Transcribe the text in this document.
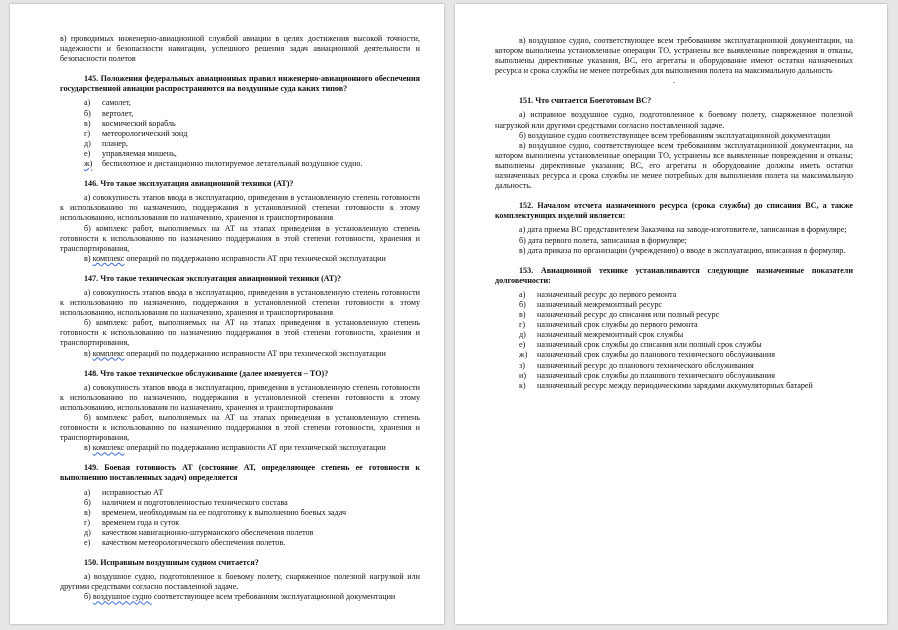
в) проводимых инженерно-авиационной службой авиации в целях достижения высокой точности, надежности и безопасности навигации, успешного решения задач авиационной деятельности и безопасности полетов

145. Положения федеральных авиационных правил инженерно-авиационного обеспечения государственной авиации распространяются на воздушные суда каких типов?

а) самолет,
б) вертолет,
в) космический корабль
г) метеорологический зонд
д) планер,
е) управляемая мишень,
ж) беспилотное и дистанционно пилотируемое летательный воздушное судно.

146. Что такое эксплуатация авиационной техники (АТ)?

а) совокупность этапов ввода в эксплуатацию, приведения в установленную степень готовности к использованию по назначению, поддержания в установленной степени готовности к этому использованию, использования по назначению, хранения и транспортирования

б) комплекс работ, выполняемых на АТ на этапах приведения в установленную степень готовности к использованию по назначению поддержания в этой степени готовности, хранения и транспортирования,

в) комплекс операций по поддержанию исправности АТ при технической эксплуатации

147. Что такое техническая эксплуатация авиационной техники (АТ)?

а) совокупность этапов ввода в эксплуатацию, приведения в установленную степень готовности к использованию по назначению, поддержания в установленной степени готовности к этому использованию, использования по назначению, хранения и транспортирования

б) комплекс работ, выполняемых на АТ на этапах приведения в установленную степень готовности к использованию по назначению поддержания в этой степени готовности, хранения и транспортирования,

в) комплекс операций по поддержанию исправности АТ при технической эксплуатации

148. Что такое техническое обслуживание (далее именуется – ТО)?

а) совокупность этапов ввода в эксплуатацию, приведения в установленную степень готовности к использованию по назначению, поддержания в установленной степени готовности к этому использованию, использования по назначению, хранения и транспортирования

б) комплекс работ, выполняемых на АТ на этапах приведения в установленную степень готовности к использованию по назначению поддержания в этой степени готовности, хранения и транспортирования,

в) комплекс операций по поддержанию исправности АТ при технической эксплуатации

149. Боевая готовность АТ (состояние АТ, определяющее степень ее готовности к выполнению поставленных задач) определяется

а) исправностью АТ
б) наличием и подготовленностью технического состава
в) временем, необходимым на ее подготовку к выполнению боевых задач
г) временем года и суток
д) качеством навигационно-штурманского обеспечения полетов
е) качеством метеорологического обеспечения полетов.

150. Исправным воздушным судном считается?

а) воздушное судно, подготовленное к боевому полету, снаряженное полезной нагрузкой или другими средствами согласно поставленной задаче.

б) воздушное судно соответствующее всем требованиям эксплуатационной документации

в) воздушное судно, соответствующее всем требованиям эксплуатационной документации, на котором выполнены установленные операции ТО, устранены все выявленные повреждения и отказы, выполнены директивные указания, ВС, его агрегаты и оборудование имеют остатки назначенных ресурса и срока службы не менее потребных для выполнения полета на максимальную дальность

.

151. Что считается Боеготовым ВС?

а) исправное воздушное судно, подготовленное к боевому полету, снаряженное полезной нагрузкой или другими средствами согласно поставленной задаче.

б) воздушное судно соответствующее всем требованиям эксплуатационной документации

в) воздушное судно, соответствующее всем требованиям эксплуатационной документации, на котором выполнены установленные операции ТО, устранены все выявленные повреждения и отказы; выполнены директивные указания; ВС, его агрегаты и оборудование должны иметь остатки назначенных ресурса и срока службы не менее потребных для выполнения полета на максимальную дальность.

152. Началом отсчета назначенного ресурса (срока службы) до списания ВС, а также комплектующих изделий является:

а) дата приема ВС представителем Заказчика на заводе-изготовителе, записанная в формуляре;

б) дата первого полета, записанная в формуляре;

в) дата приказа по организации (учреждению) о вводе в эксплуатацию, вписанная в формуляр.

153. Авиационной технике устанавливаются следующие назначенные показатели долговечности:

а) назначенный ресурс до первого ремонта
б) назначенный межремонтный ресурс
в) назначенный ресурс до списания или полный ресурс
г) назначенный срок службы до первого ремонта
д) назначенный межремонтный срок службы
е) назначенный срок службы до списания или полный срок службы
ж) назначенный срок службы до планового технического обслуживания
з) назначенный ресурс до планового технического обслуживания
и) назначенный срок службы до планового технического обслуживания
к) назначенный ресурс между периодическими зарядами аккумуляторных батарей
